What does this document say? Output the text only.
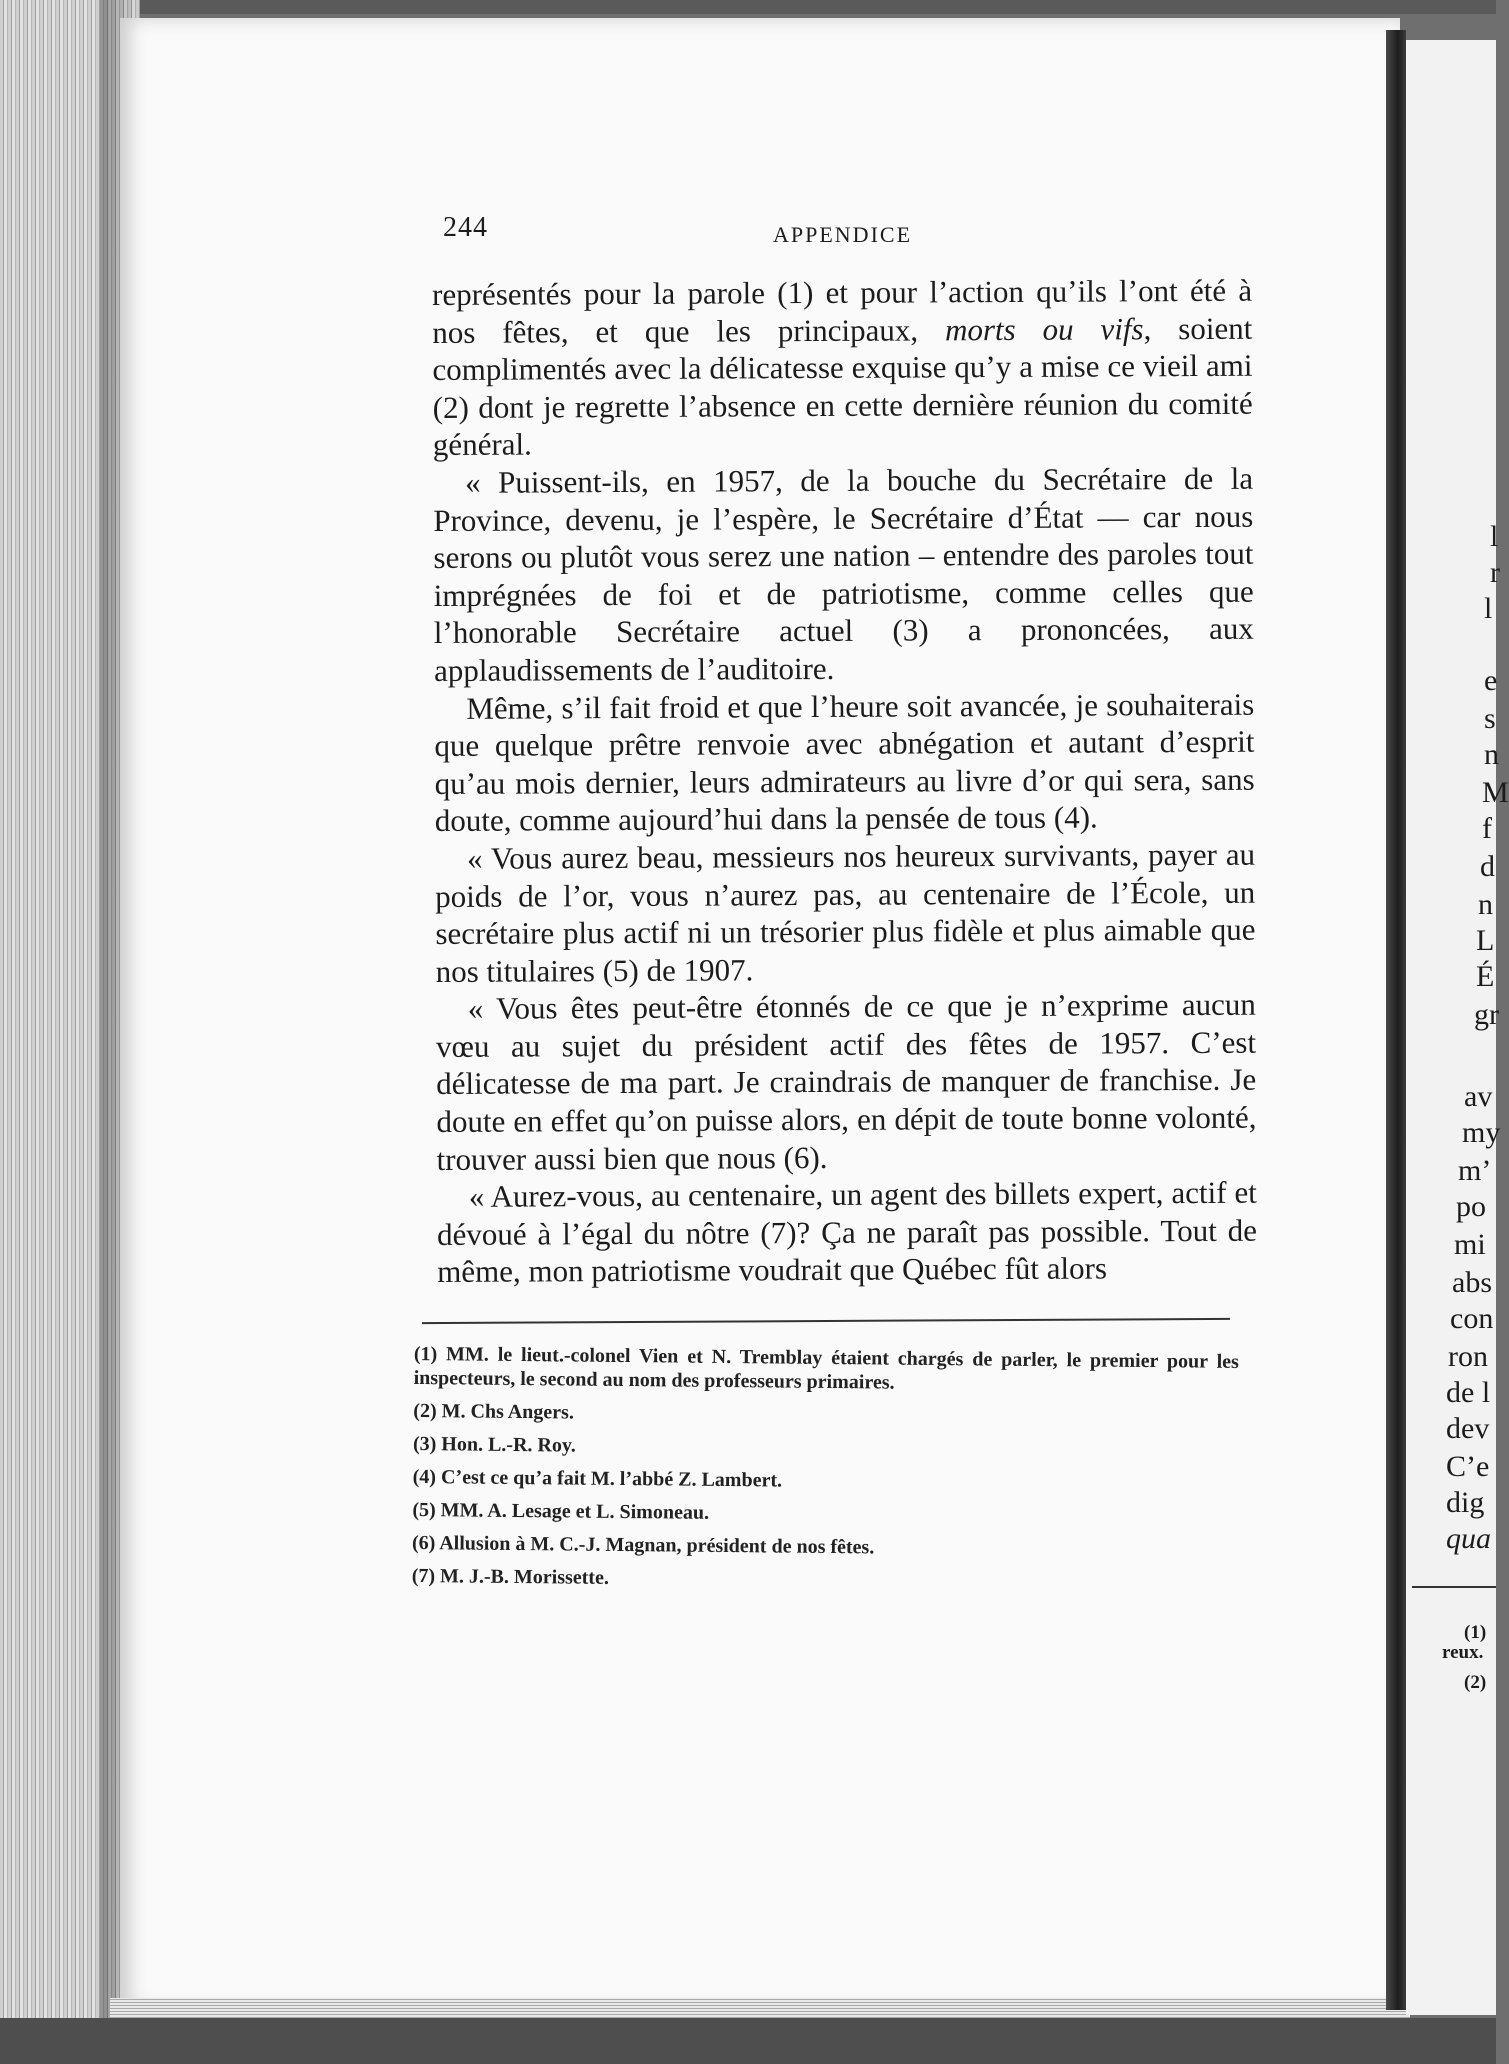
244	APPENDICE

représentés pour la parole (1) et pour l’action qu’ils l’ont été à nos fêtes, et que les principaux, morts ou vifs, soient complimentés avec la délicatesse exquise qu’y a mise ce vieil ami (2) dont je regrette l’absence en cette dernière réunion du comité général.

« Puissent-ils, en 1957, de la bouche du Secrétaire de la Province, devenu, je l’espère, le Secrétaire d’État — car nous serons ou plutôt vous serez une nation – entendre des paroles tout imprégnées de foi et de patriotisme, comme celles que l’honorable Secrétaire actuel (3) a prononcées, aux applaudissements de l’auditoire.

Même, s’il fait froid et que l’heure soit avancée, je souhaiterais que quelque prêtre renvoie avec abnégation et autant d’esprit qu’au mois dernier, leurs admirateurs au livre d’or qui sera, sans doute, comme aujourd’hui dans la pensée de tous (4).

« Vous aurez beau, messieurs nos heureux survivants, payer au poids de l’or, vous n’aurez pas, au centenaire de l’École, un secrétaire plus actif ni un trésorier plus fidèle et plus aimable que nos titulaires (5) de 1907.

« Vous êtes peut-être étonnés de ce que je n’exprime aucun vœu au sujet du président actif des fêtes de 1957. C’est délicatesse de ma part. Je craindrais de manquer de franchise. Je doute en effet qu’on puisse alors, en dépit de toute bonne volonté, trouver aussi bien que nous (6).

« Aurez-vous, au centenaire, un agent des billets expert, actif et dévoué à l’égal du nôtre (7)? Ça ne paraît pas possible. Tout de même, mon patriotisme voudrait que Québec fût alors

(1) MM. le lieut.-colonel Vien et N. Tremblay étaient chargés de parler, le premier pour les inspecteurs, le second au nom des professeurs primaires.

(2) M. Chs Angers.

(3) Hon. L.-R. Roy.

(4) C’est ce qu’a fait M. l’abbé Z. Lambert.

(5) MM. A. Lesage et L. Simoneau.

(6) Allusion à M. C.-J. Magnan, président de nos fêtes.

(7) M. J.-B. Morissette.

l
r
l
e
s
n
M
f
d
n
L
É
gr
av
my
m’
po
mi
abs
con
ron
de l
dev
C’e
dig
qua
(1)
reux.
(2)
